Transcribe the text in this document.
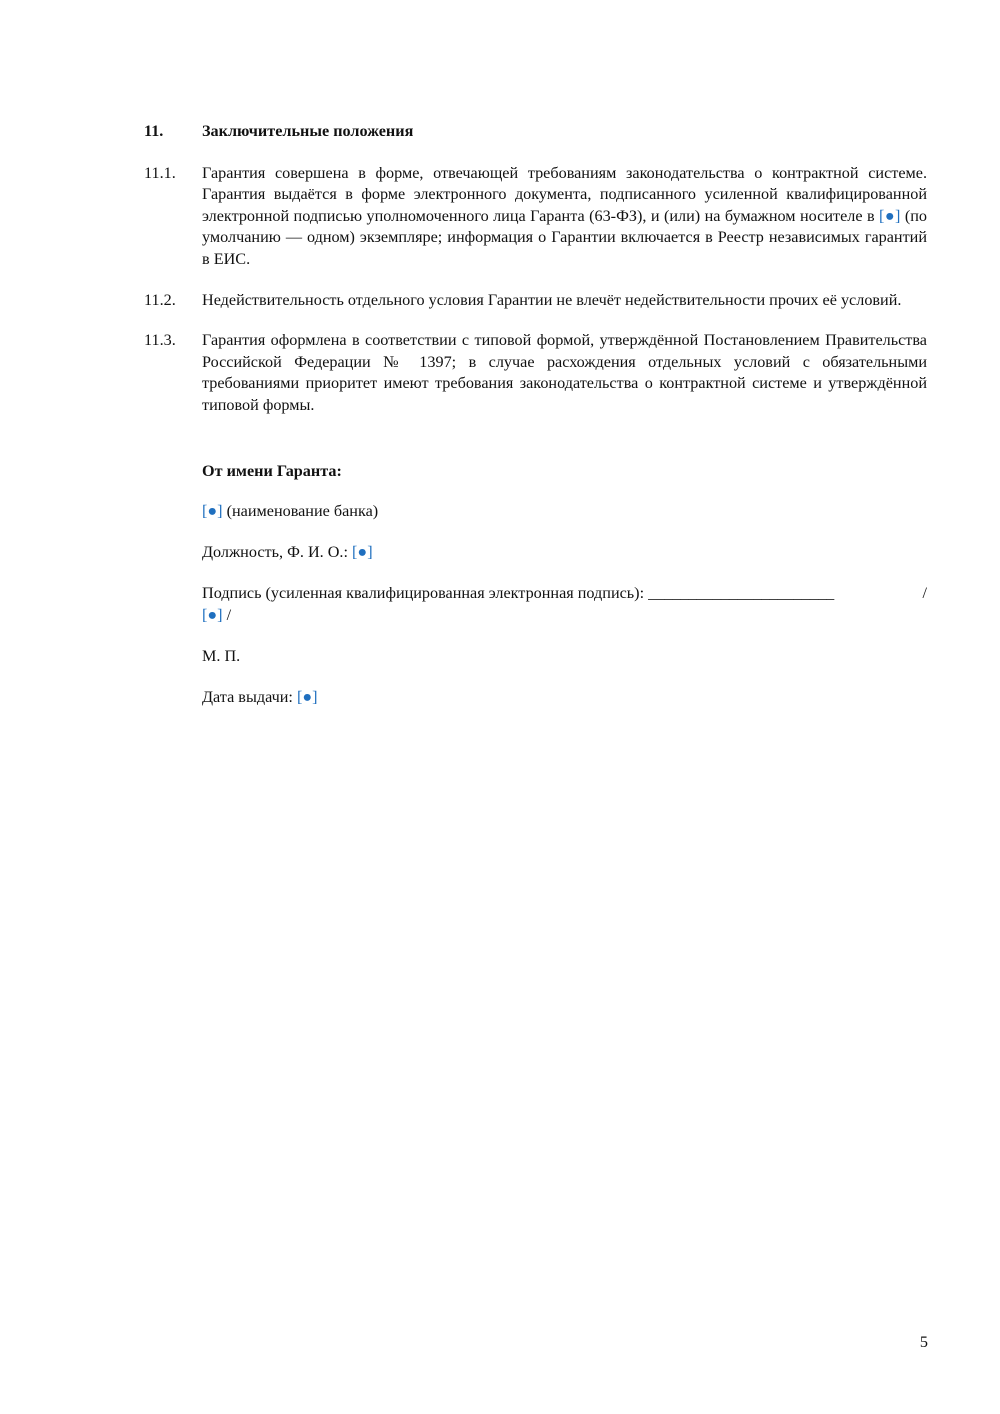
11.	Заключительные положения
11.1.	Гарантия совершена в форме, отвечающей требованиям законодательства о контрактной системе. Гарантия выдаётся в форме электронного документа, подписанного усиленной квалифицированной электронной подписью уполномоченного лица Гаранта (63-ФЗ), и (или) на бумажном носителе в [●] (по умолчанию — одном) экземпляре; информация о Гарантии включается в Реестр независимых гарантий в ЕИС.
11.2.	Недействительность отдельного условия Гарантии не влечёт недействительности прочих её условий.
11.3.	Гарантия оформлена в соответствии с типовой формой, утверждённой Постановлением Правительства Российской Федерации № 1397; в случае расхождения отдельных условий с обязательными требованиями приоритет имеют требования законодательства о контрактной системе и утверждённой типовой формы.
От имени Гаранта:
[●] (наименование банка)
Должность, Ф. И. О.: [●]
Подпись (усиленная квалифицированная электронная подпись): _______________________	/
[●] /
М. П.
Дата выдачи: [●]
5
